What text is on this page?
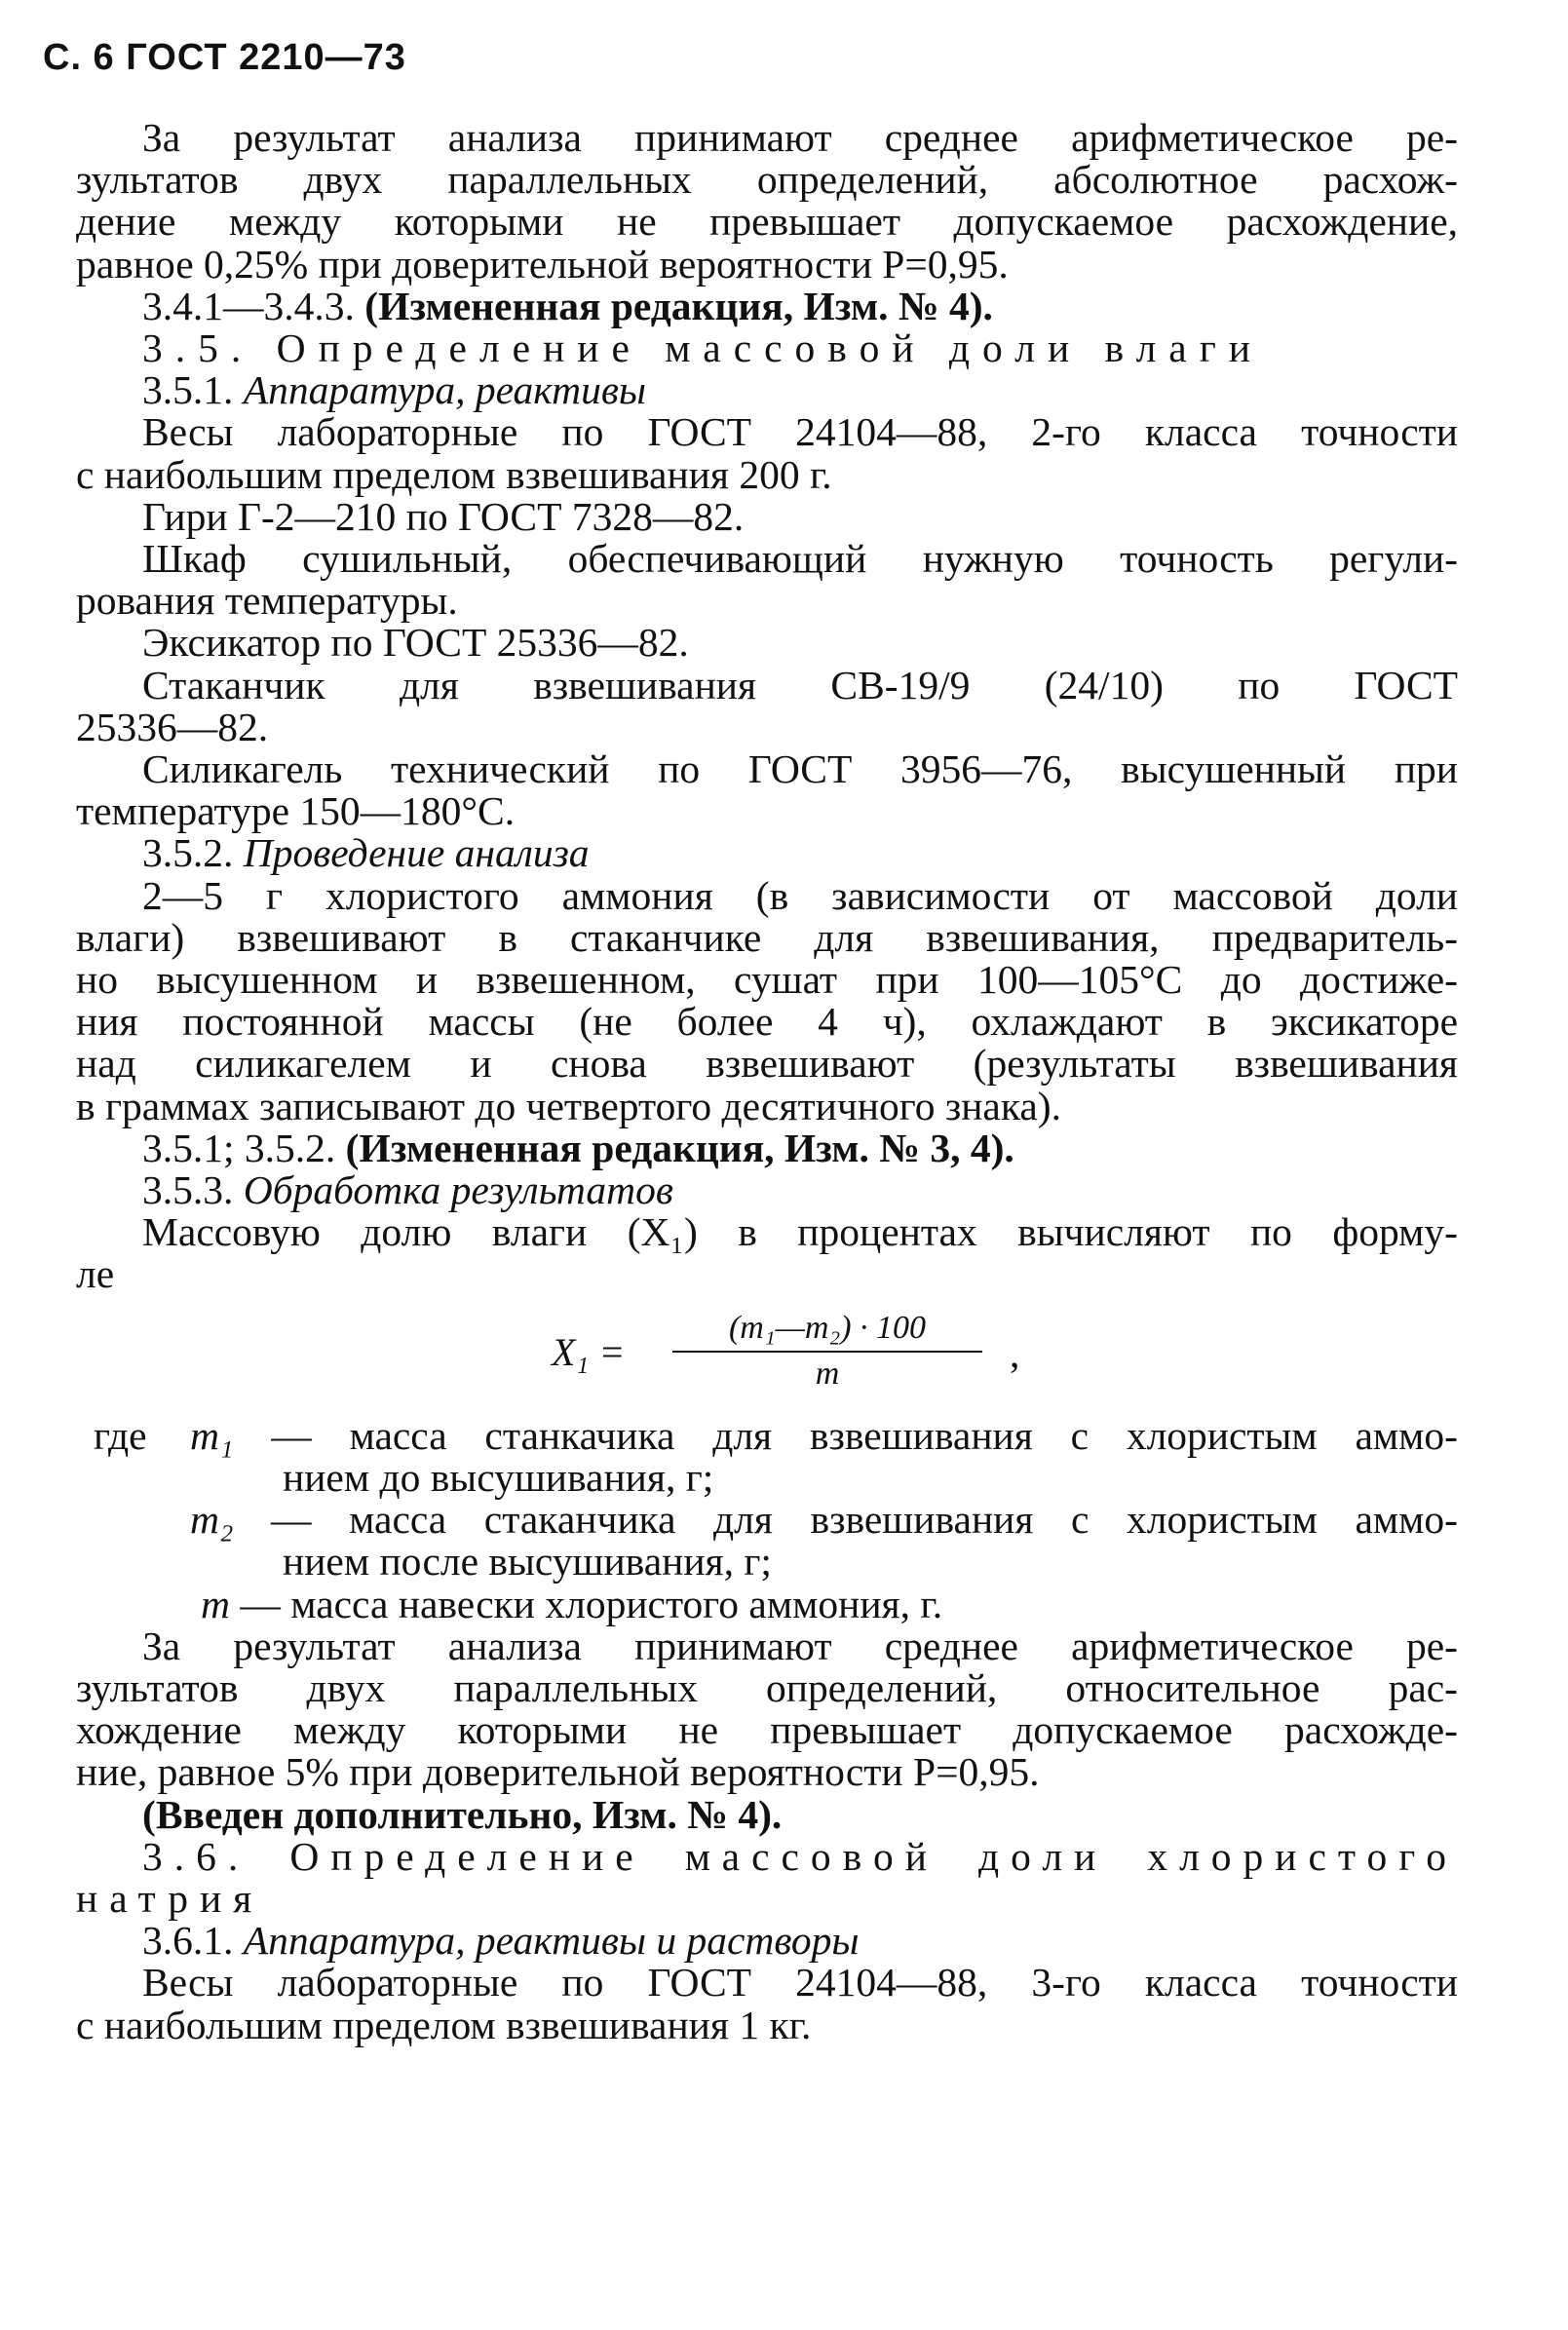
С. 6 ГОСТ 2210—73

За результат анализа принимают среднее арифметическое ре-

зультатов двух параллельных определений, абсолютное расхож-

дение между которыми не превышает допускаемое расхождение,

равное 0,25% при доверительной вероятности P=0,95.

3.4.1—3.4.3. (Измененная редакция, Изм. № 4).

3.5. Определение массовой доли влаги

3.5.1. Аппаратура, реактивы

Весы лабораторные по ГОСТ 24104—88, 2-го класса точности

с наибольшим пределом взвешивания 200 г.

Гири Г-2—210 по ГОСТ 7328—82.

Шкаф сушильный, обеспечивающий нужную точность регули-

рования температуры.

Эксикатор по ГОСТ 25336—82.

Стаканчик для взвешивания СВ-19/9 (24/10) по ГОСТ

25336—82.

Силикагель технический по ГОСТ 3956—76, высушенный при

температуре 150—180°C.

3.5.2. Проведение анализа

2—5 г хлористого аммония (в зависимости от массовой доли

влаги) взвешивают в стаканчике для взвешивания, предваритель-

но высушенном и взвешенном, сушат при 100—105°C до достиже-

ния постоянной массы (не более 4 ч), охлаждают в эксикаторе

над силикагелем и снова взвешивают (результаты взвешивания

в граммах записывают до четвертого десятичного знака).

3.5.1; 3.5.2. (Измененная редакция, Изм. № 3, 4).

3.5.3. Обработка результатов

Массовую долю влаги (X₁) в процентах вычисляют по форму-

ле

X₁ =
(m₁—m₂) · 100
m	,

где	m₁ — масса станкачика для взвешивания с хлористым аммо-

нием до высушивания, г;

m₂ — масса стаканчика для взвешивания с хлористым аммо-

нием после высушивания, г;

m — масса навески хлористого аммония, г.

За результат анализа принимают среднее арифметическое ре-

зультатов двух параллельных определений, относительное рас-

хождение между которыми не превышает допускаемое расхожде-

ние, равное 5% при доверительной вероятности P=0,95.

(Введен дополнительно, Изм. № 4).

3.6. Определение массовой доли хлористого

натрия

3.6.1. Аппаратура, реактивы и растворы

Весы лабораторные по ГОСТ 24104—88, 3-го класса точности

с наибольшим пределом взвешивания 1 кг.
